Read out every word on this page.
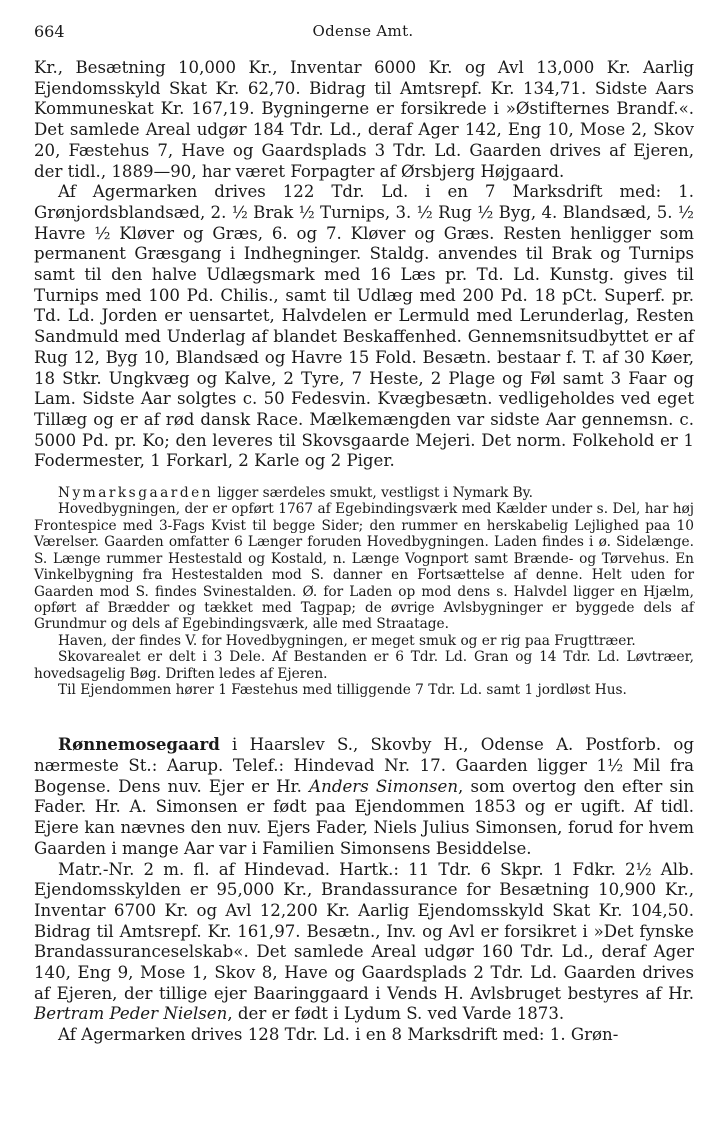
664	Odense Amt.

Kr., Besætning 10,000 Kr., Inventar 6000 Kr. og Avl 13,000 Kr. Aarlig Ejendomsskyld Skat Kr. 62,70. Bidrag til Amtsrepf. Kr. 134,71. Sidste Aars Kommuneskat Kr. 167,19. Bygningerne er forsikrede i »Østifternes Brandf.«. Det samlede Areal udgør 184 Tdr. Ld., deraf Ager 142, Eng 10, Mose 2, Skov 20, Fæstehus 7, Have og Gaardsplads 3 Tdr. Ld. Gaarden drives af Ejeren, der tidl., 1889—90, har været Forpagter af Ørsbjerg Højgaard.

Af Agermarken drives 122 Tdr. Ld. i en 7 Marksdrift med: 1. Grønjordsblandsæd, 2. ½ Brak ½ Turnips, 3. ½ Rug ½ Byg, 4. Blandsæd, 5. ½ Havre ½ Kløver og Græs, 6. og 7. Kløver og Græs. Resten henligger som permanent Græsgang i Indhegninger. Staldg. anvendes til Brak og Turnips samt til den halve Udlægsmark med 16 Læs pr. Td. Ld. Kunstg. gives til Turnips med 100 Pd. Chilis., samt til Udlæg med 200 Pd. 18 pCt. Superf. pr. Td. Ld. Jorden er uensartet, Halvdelen er Lermuld med Lerunderlag, Resten Sandmuld med Underlag af blandet Beskaffenhed. Gennemsnitsudbyttet er af Rug 12, Byg 10, Blandsæd og Havre 15 Fold. Besætn. bestaar f. T. af 30 Køer, 18 Stkr. Ungkvæg og Kalve, 2 Tyre, 7 Heste, 2 Plage og Føl samt 3 Faar og Lam. Sidste Aar solgtes c. 50 Fedesvin. Kvægbesætn. vedligeholdes ved eget Tillæg og er af rød dansk Race. Mælkemængden var sidste Aar gennemsn. c. 5000 Pd. pr. Ko; den leveres til Skovsgaarde Mejeri. Det norm. Folkehold er 1 Fodermester, 1 Forkarl, 2 Karle og 2 Piger.

Nymarksgaarden ligger særdeles smukt, vestligst i Nymark By.

Hovedbygningen, der er opført 1767 af Egebindingsværk med Kælder under s. Del, har høj Frontespice med 3-Fags Kvist til begge Sider; den rummer en herskabelig Lejlighed paa 10 Værelser. Gaarden omfatter 6 Længer foruden Hovedbygningen. Laden findes i ø. Sidelænge. S. Længe rummer Hestestald og Kostald, n. Længe Vognport samt Brænde- og Tørvehus. En Vinkelbygning fra Hestestalden mod S. danner en Fortsættelse af denne. Helt uden for Gaarden mod S. findes Svinestalden. Ø. for Laden op mod dens s. Halvdel ligger en Hjælm, opført af Brædder og tækket med Tagpap; de øvrige Avlsbygninger er byggede dels af Grundmur og dels af Egebindingsværk, alle med Straatage.

Haven, der findes V. for Hovedbygningen, er meget smuk og er rig paa Frugttræer.

Skovarealet er delt i 3 Dele. Af Bestanden er 6 Tdr. Ld. Gran og 14 Tdr. Ld. Løvtræer, hovedsagelig Bøg. Driften ledes af Ejeren.

Til Ejendommen hører 1 Fæstehus med tilliggende 7 Tdr. Ld. samt 1 jordløst Hus.

Rønnemosegaard i Haarslev S., Skovby H., Odense A. Postforb. og nærmeste St.: Aarup. Telef.: Hindevad Nr. 17. Gaarden ligger 1½ Mil fra Bogense. Dens nuv. Ejer er Hr. Anders Simonsen, som overtog den efter sin Fader. Hr. A. Simonsen er født paa Ejendommen 1853 og er ugift. Af tidl. Ejere kan nævnes den nuv. Ejers Fader, Niels Julius Simonsen, forud for hvem Gaarden i mange Aar var i Familien Simonsens Besiddelse.

Matr.-Nr. 2 m. fl. af Hindevad. Hartk.: 11 Tdr. 6 Skpr. 1 Fdkr. 2½ Alb. Ejendomsskylden er 95,000 Kr., Brandassurance for Besætning 10,900 Kr., Inventar 6700 Kr. og Avl 12,200 Kr. Aarlig Ejendomsskyld Skat Kr. 104,50. Bidrag til Amtsrepf. Kr. 161,97. Besætn., Inv. og Avl er forsikret i »Det fynske Brandassuranceselskab«. Det samlede Areal udgør 160 Tdr. Ld., deraf Ager 140, Eng 9, Mose 1, Skov 8, Have og Gaardsplads 2 Tdr. Ld. Gaarden drives af Ejeren, der tillige ejer Baaringgaard i Vends H. Avlsbruget bestyres af Hr. Bertram Peder Nielsen, der er født i Lydum S. ved Varde 1873.

Af Agermarken drives 128 Tdr. Ld. i en 8 Marksdrift med: 1. Grøn-
